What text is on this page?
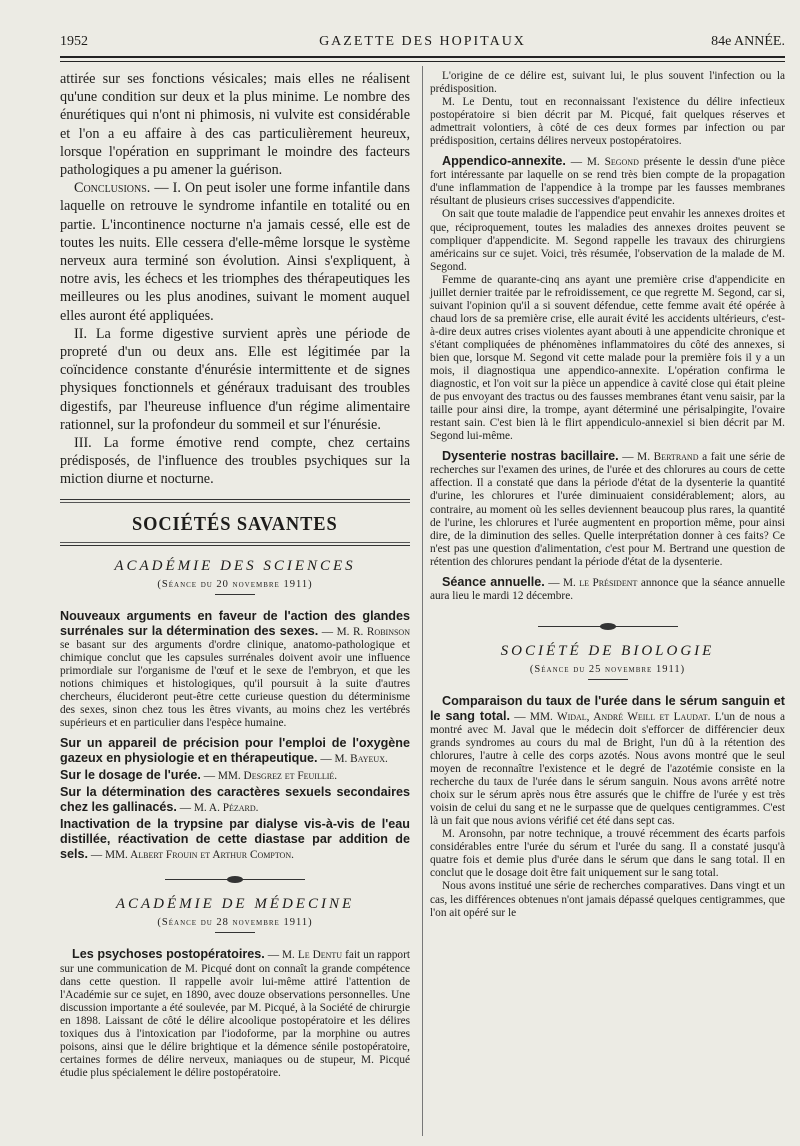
1952	GAZETTE DES HOPITAUX	84e ANNÉE.

attirée sur ses fonctions vésicales; mais elles ne réalisent qu'une condition sur deux et la plus minime. Le nombre des énurétiques qui n'ont ni phimosis, ni vulvite est considérable et l'on a eu affaire à des cas particulièrement heureux, lorsque l'opération en supprimant le moindre des facteurs pathologiques a pu amener la guérison.

Conclusions. — I. On peut isoler une forme infantile dans laquelle on retrouve le syndrome infantile en totalité ou en partie. L'incontinence nocturne n'a jamais cessé, elle est de toutes les nuits. Elle cessera d'elle-même lorsque le système nerveux aura terminé son évolution. Ainsi s'expliquent, à notre avis, les échecs et les triomphes des thérapeutiques les meilleures ou les plus anodines, suivant le moment auquel elles auront été appliquées.

II. La forme digestive survient après une période de propreté d'un ou deux ans. Elle est légitimée par la coïncidence constante d'énurésie intermittente et de signes physiques fonctionnels et généraux traduisant des troubles digestifs, par l'heureuse influence d'un régime alimentaire rationnel, sur la profondeur du sommeil et sur l'énurésie.

III. La forme émotive rend compte, chez certains prédisposés, de l'influence des troubles psychiques sur la miction diurne et nocturne.

SOCIÉTÉS SAVANTES
ACADÉMIE DES SCIENCES
(Séance du 20 novembre 1911)

Nouveaux arguments en faveur de l'action des glandes surrénales sur la détermination des sexes. — M. R. Robinson se basant sur des arguments d'ordre clinique, anatomo-pathologique et chimique conclut que les capsules surrénales doivent avoir une influence primordiale sur l'organisme de l'œuf et le sexe de l'embryon, et que les notions chimiques et histologiques, qu'il poursuit à la suite d'autres chercheurs, élucideront peut-être cette curieuse question du déterminisme des sexes, sinon chez tous les êtres vivants, au moins chez les vertébrés supérieurs et en particulier dans l'espèce humaine.

Sur un appareil de précision pour l'emploi de l'oxygène gazeux en physiologie et en thérapeutique. — M. Bayeux.

Sur le dosage de l'urée. — MM. Desgrez et Feuillié.

Sur la détermination des caractères sexuels secondaires chez les gallinacés. — M. A. Pézard.

Inactivation de la trypsine par dialyse vis-à-vis de l'eau distillée, réactivation de cette diastase par addition de sels. — MM. Albert Frouin et Arthur Compton.

ACADÉMIE DE MÉDECINE
(Séance du 28 novembre 1911)

Les psychoses postopératoires. — M. Le Dentu fait un rapport sur une communication de M. Picqué dont on connaît la grande compétence dans cette question. Il rappelle avoir lui-même attiré l'attention de l'Académie sur ce sujet, en 1890, avec douze observations personnelles. Une discussion importante a été soulevée, par M. Picqué, à la Société de chirurgie en 1898. Laissant de côté le délire alcoolique postopératoire et les délires toxiques dus à l'intoxication par l'iodoforme, par la morphine ou autres poisons, ainsi que le délire brightique et la démence sénile postopératoire, certaines formes de délire nerveux, maniaques ou de stupeur, M. Picqué étudie plus spécialement le délire postopératoire.

L'origine de ce délire est, suivant lui, le plus souvent l'infection ou la prédisposition.

M. Le Dentu, tout en reconnaissant l'existence du délire infectieux postopératoire si bien décrit par M. Picqué, fait quelques réserves et admettrait volontiers, à côté de ces deux formes par infection ou par prédisposition, certains délires nerveux postopératoires.

Appendico-annexite. — M. Segond présente le dessin d'une pièce fort intéressante par laquelle on se rend très bien compte de la propagation d'une inflammation de l'appendice à la trompe par les fausses membranes résultant de plusieurs crises successives d'appendicite.

On sait que toute maladie de l'appendice peut envahir les annexes droites et que, réciproquement, toutes les maladies des annexes droites peuvent se compliquer d'appendicite. M. Segond rappelle les travaux des chirurgiens américains sur ce sujet. Voici, très résumée, l'observation de la malade de M. Segond.

Femme de quarante-cinq ans ayant une première crise d'appendicite en juillet dernier traitée par le refroidissement, ce que regrette M. Segond, car si, suivant l'opinion qu'il a si souvent défendue, cette femme avait été opérée à chaud lors de sa première crise, elle aurait évité les accidents ultérieurs, c'est-à-dire deux autres crises violentes ayant abouti à une appendicite chronique et s'étant compliquées de phénomènes inflammatoires du côté des annexes, si bien que, lorsque M. Segond vit cette malade pour la première fois il y a un mois, il diagnostiqua une appendico-annexite. L'opération confirma le diagnostic, et l'on voit sur la pièce un appendice à cavité close qui était pleine de pus envoyant des tractus ou des fausses membranes étant venu saisir, par la taille pour ainsi dire, la trompe, ayant déterminé une périsalpingite, l'ovaire restant sain. C'est bien là le flirt appendiculo-annexiel si bien décrit par M. Segond lui-même.

Dysenterie nostras bacillaire. — M. Bertrand a fait une série de recherches sur l'examen des urines, de l'urée et des chlorures au cours de cette affection. Il a constaté que dans la période d'état de la dysenterie la quantité d'urine, les chlorures et l'urée diminuaient considérablement; alors, au contraire, au moment où les selles deviennent beaucoup plus rares, la quantité de l'urine, les chlorures et l'urée augmentent en proportion même, pour ainsi dire, de la diminution des selles. Quelle interprétation donner à ces faits? Ce n'est pas une question d'alimentation, c'est pour M. Bertrand une question de rétention des chlorures pendant la période d'état de la dysenterie.

Séance annuelle. — M. le Président annonce que la séance annuelle aura lieu le mardi 12 décembre.

SOCIÉTÉ DE BIOLOGIE
(Séance du 25 novembre 1911)

Comparaison du taux de l'urée dans le sérum sanguin et le sang total. — MM. Widal, André Weill et Laudat. L'un de nous a montré avec M. Javal que le médecin doit s'efforcer de différencier deux grands syndromes au cours du mal de Bright, l'un dû à la rétention des chlorures, l'autre à celle des corps azotés. Nous avons montré que le seul moyen de reconnaître l'existence et le degré de l'azotémie consiste en la recherche du taux de l'urée dans le sérum sanguin. Nous avons arrêté notre choix sur le sérum après nous être assurés que le chiffre de l'urée y est très voisin de celui du sang et ne le surpasse que de quelques centigrammes. C'est là un fait que nous avions vérifié cet été dans sept cas.

M. Aronsohn, par notre technique, a trouvé récemment des écarts parfois considérables entre l'urée du sérum et l'urée du sang. Il a constaté jusqu'à quatre fois et demie plus d'urée dans le sérum que dans le sang total. Il en conclut que le dosage doit être fait uniquement sur le sang total.

Nous avons institué une série de recherches comparatives. Dans vingt et un cas, les différences obtenues n'ont jamais dépassé quelques centigrammes, que l'on ait opéré sur le
